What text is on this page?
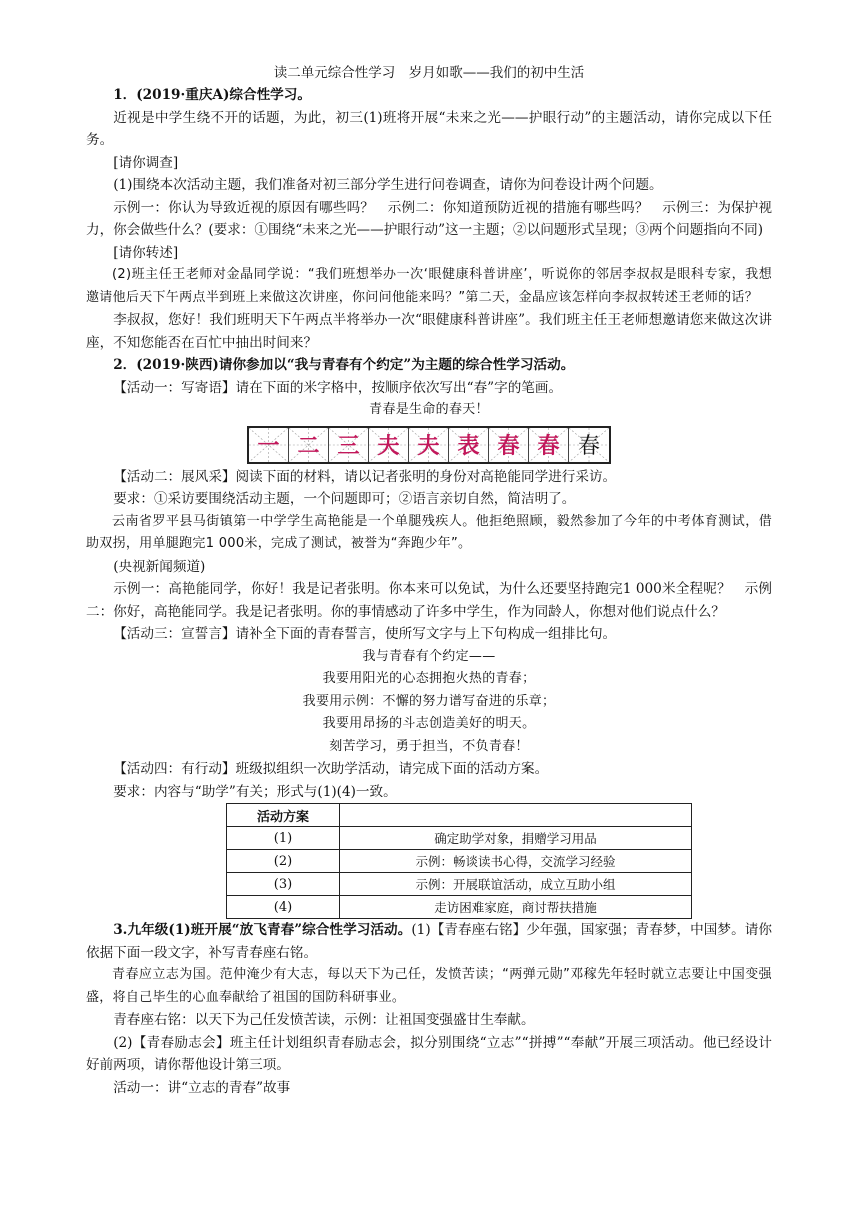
读二单元综合性学习　岁月如歌——我们的初中生活

1．(2019·重庆A)综合性学习。

近视是中学生绕不开的话题，为此，初三(1)班将开展“未来之光——护眼行动”的主题活动，请你完成以下任务。

[请你调查]

(1)围绕本次活动主题，我们准备对初三部分学生进行问卷调查，请你为问卷设计两个问题。

示例一：你认为导致近视的原因有哪些吗？　示例二：你知道预防近视的措施有哪些吗？　示例三：为保护视力，你会做些什么？(要求：①围绕“未来之光——护眼行动”这一主题；②以问题形式呈现；③两个问题指向不同)

[请你转述]

(2)班主任王老师对金晶同学说：“我们班想举办一次‘眼健康科普讲座’，听说你的邻居李叔叔是眼科专家，我想邀请他后天下午两点半到班上来做这次讲座，你问问他能来吗？”第二天，金晶应该怎样向李叔叔转述王老师的话？

李叔叔，您好！我们班明天下午两点半将举办一次“眼健康科普讲座”。我们班主任王老师想邀请您来做这次讲座，不知您能否在百忙中抽出时间来？

2．(2019·陕西)请你参加以“我与青春有个约定”为主题的综合性学习活动。

【活动一：写寄语】请在下面的米字格中，按顺序依次写出“春”字的笔画。

青春是生命的春天！

一 二 三 夫 夫 表 春 春 春

【活动二：展风采】阅读下面的材料，请以记者张明的身份对高艳能同学进行采访。

要求：①采访要围绕活动主题，一个问题即可；②语言亲切自然，简洁明了。

云南省罗平县马街镇第一中学学生高艳能是一个单腿残疾人。他拒绝照顾，毅然参加了今年的中考体育测试，借助双拐，用单腿跑完1 000米，完成了测试，被誉为“奔跑少年”。

(央视新闻频道)

示例一：高艳能同学，你好！我是记者张明。你本来可以免试，为什么还要坚持跑完1 000米全程呢？　示例二：你好，高艳能同学。我是记者张明。你的事情感动了许多中学生，作为同龄人，你想对他们说点什么？

【活动三：宣誓言】请补全下面的青春誓言，使所写文字与上下句构成一组排比句。

我与青春有个约定——

我要用阳光的心态拥抱火热的青春；

我要用示例：不懈的努力谱写奋进的乐章；

我要用昂扬的斗志创造美好的明天。

刻苦学习，勇于担当，不负青春！

【活动四：有行动】班级拟组织一次助学活动，请完成下面的活动方案。

要求：内容与“助学”有关；形式与(1)(4)一致。

活动方案	
(1)	确定助学对象，捐赠学习用品
(2)	示例：畅谈读书心得，交流学习经验
(3)	示例：开展联谊活动，成立互助小组
(4)	走访困难家庭，商讨帮扶措施

3.九年级(1)班开展“放飞青春”综合性学习活动。(1)【青春座右铭】少年强，国家强；青春梦，中国梦。请你依据下面一段文字，补写青春座右铭。

青春应立志为国。范仲淹少有大志，每以天下为己任，发愤苦读；“两弹元勋”邓稼先年轻时就立志要让中国变强盛，将自己毕生的心血奉献给了祖国的国防科研事业。

青春座右铭：以天下为己任发愤苦读，示例：让祖国变强盛甘生奉献。

(2)【青春励志会】班主任计划组织青春励志会，拟分别围绕“立志”“拼搏”“奉献”开展三项活动。他已经设计好前两项，请你帮他设计第三项。

活动一：讲“立志的青春”故事
